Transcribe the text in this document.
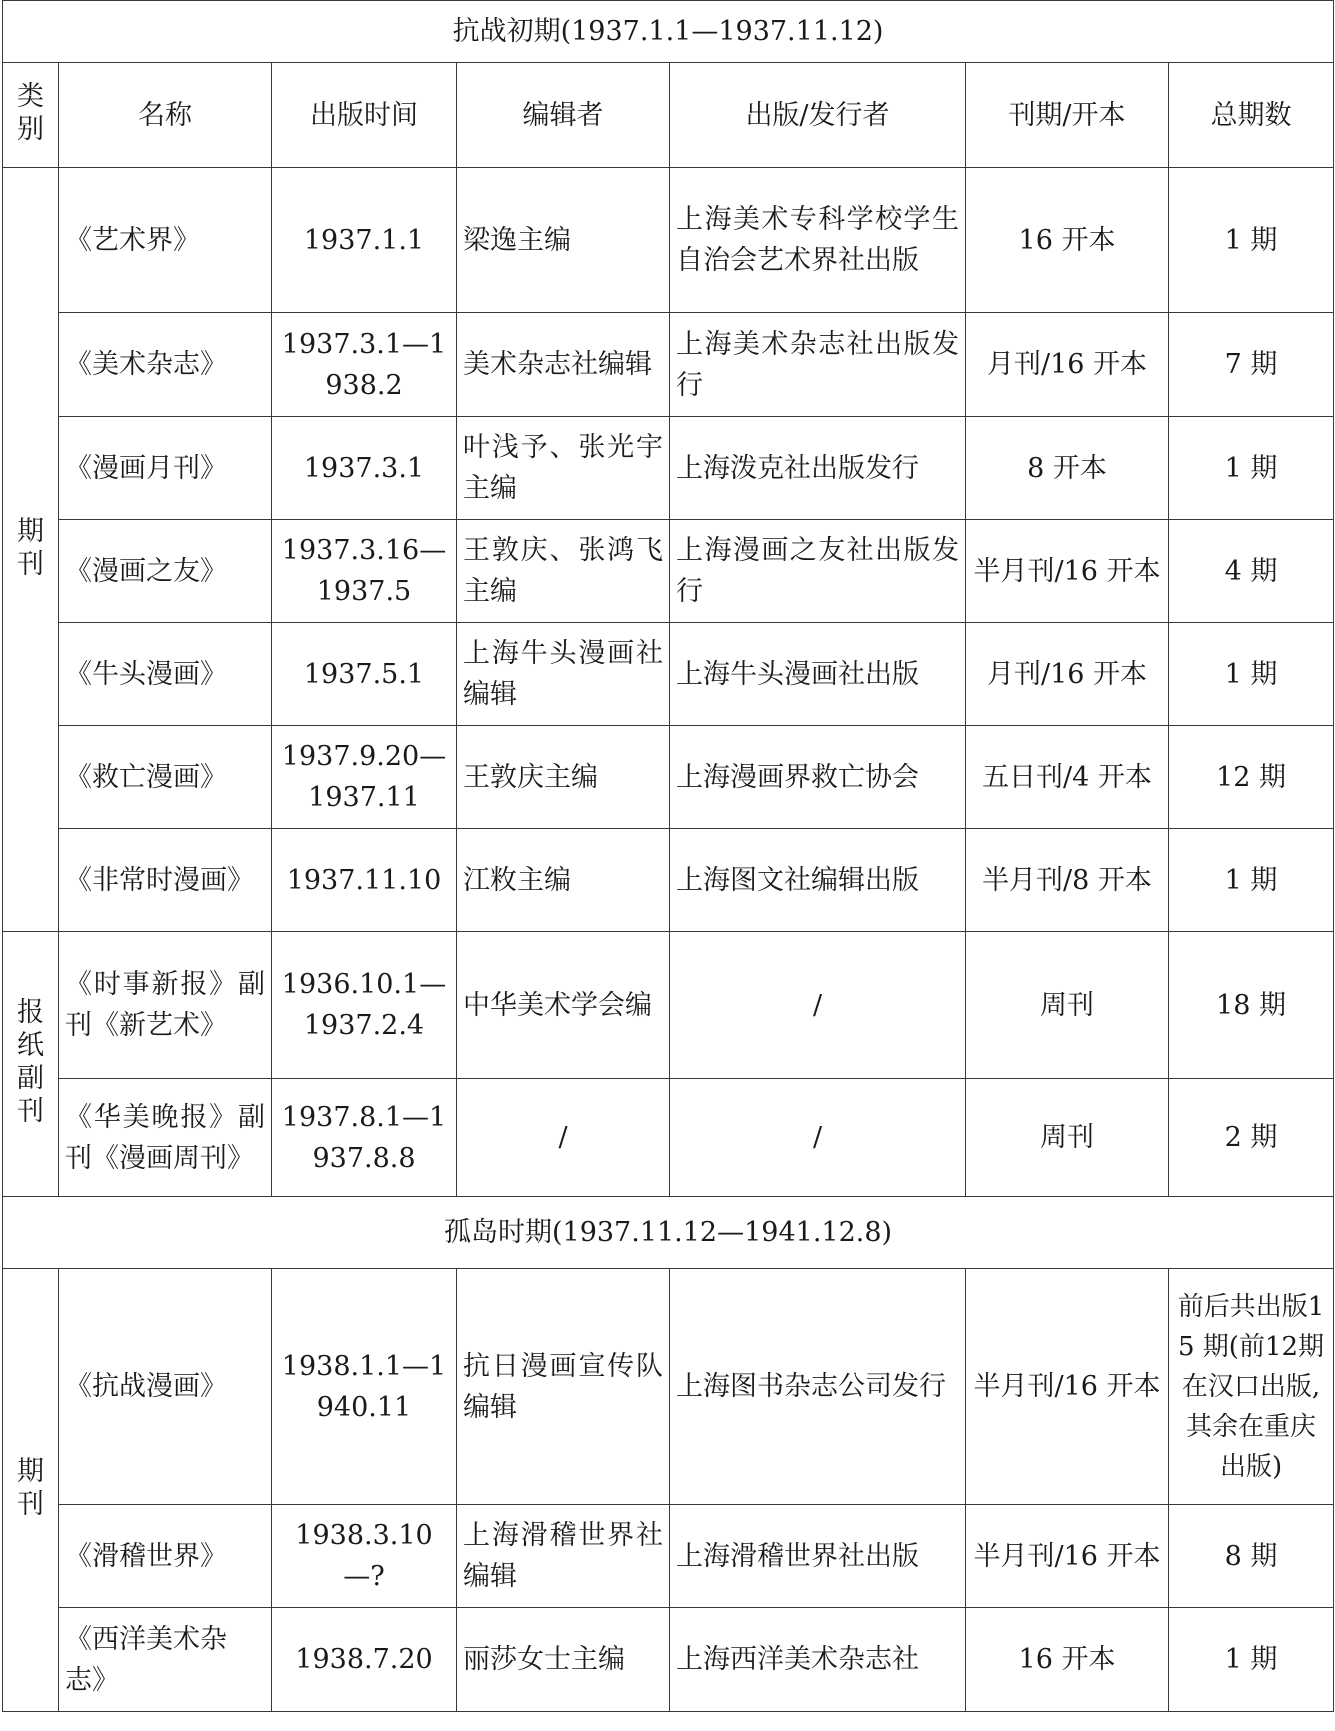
抗战初期(1937.1.1—1937.11.12)						
类别	名称	出版时间	编辑者	出版/发行者	刊期/开本	总期数
期刊	《艺术界》	1937.1.1	梁逸主编	上海美术专科学校学生自治会艺术界社出版	16 开本	1 期
	《美术杂志》	1937.3.1—1938.2	美术杂志社编辑	上海美术杂志社出版发行	月刊/16 开本	7 期
	《漫画月刊》	1937.3.1	叶浅予、张光宇主编	上海泼克社出版发行	8 开本	1 期
	《漫画之友》	1937.3.16—1937.5	王敦庆、张鸿飞主编	上海漫画之友社出版发行	半月刊/16 开本	4 期
	《牛头漫画》	1937.5.1	上海牛头漫画社编辑	上海牛头漫画社出版	月刊/16 开本	1 期
	《救亡漫画》	1937.9.20—1937.11	王敦庆主编	上海漫画界救亡协会	五日刊/4 开本	12 期
	《非常时漫画》	1937.11.10	江敉主编	上海图文社编辑出版	半月刊/8 开本	1 期
报纸副刊	《时事新报》副刊《新艺术》	1936.10.1—1937.2.4	中华美术学会编	/	周刊	18 期
	《华美晚报》副刊《漫画周刊》	1937.8.1—1937.8.8	/	/	周刊	2 期
孤岛时期(1937.11.12—1941.12.8)						
期刊	《抗战漫画》	1938.1.1—1940.11	抗日漫画宣传队编辑	上海图书杂志公司发行	半月刊/16 开本	前后共出版15 期(前12期在汉口出版,其余在重庆出版)
	《滑稽世界》	1938.3.10—?	上海滑稽世界社编辑	上海滑稽世界社出版	半月刊/16 开本	8 期
	《西洋美术杂志》	1938.7.20	丽莎女士主编	上海西洋美术杂志社	16 开本	1 期
